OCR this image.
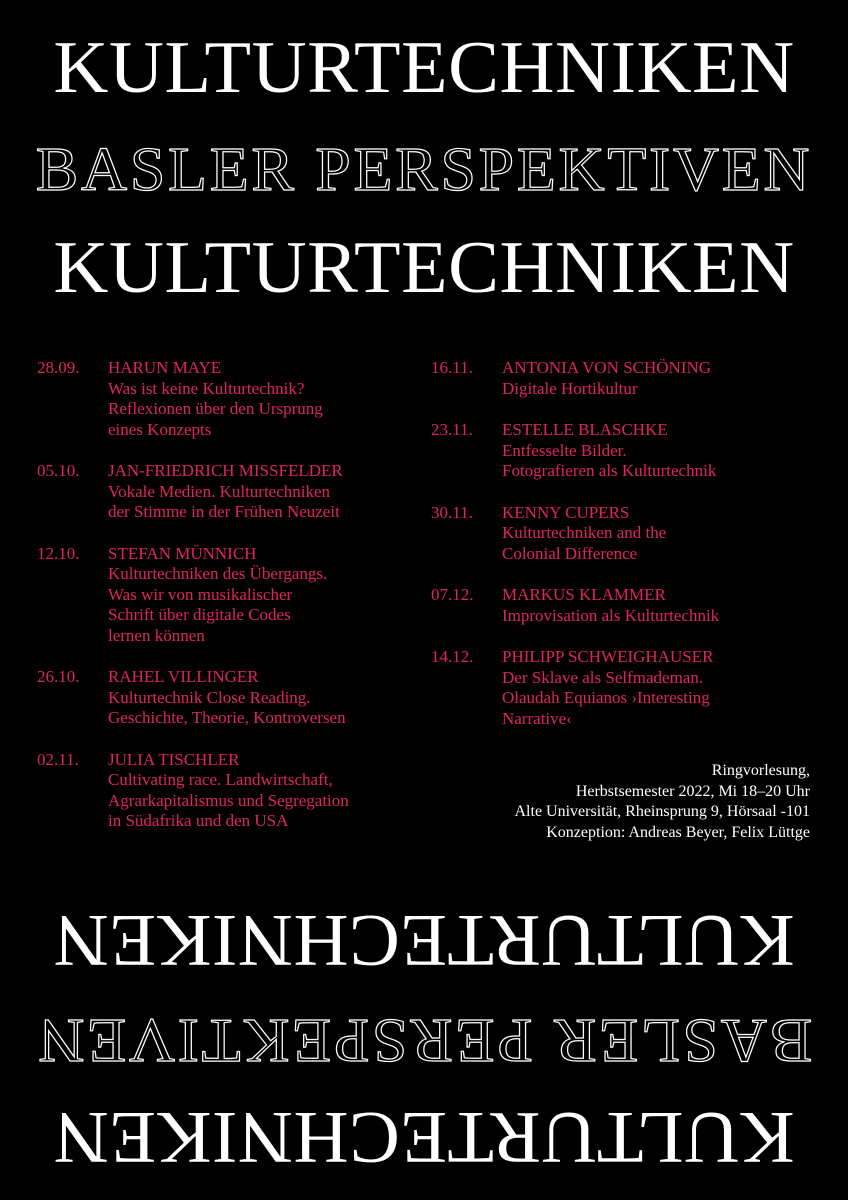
KULTURTECHNIKEN
BASLER PERSPEKTIVEN
KULTURTECHNIKEN
28.09. HARUN MAYE
Was ist keine Kulturtechnik?
Reflexionen über den Ursprung
eines Konzepts
05.10. JAN-FRIEDRICH MISSFELDER
Vokale Medien. Kulturtechniken
der Stimme in der Frühen Neuzeit
12.10. STEFAN MÜNNICH
Kulturtechniken des Übergangs.
Was wir von musikalischer
Schrift über digitale Codes
lernen können
26.10. RAHEL VILLINGER
Kulturtechnik Close Reading.
Geschichte, Theorie, Kontroversen
02.11. JULIA TISCHLER
Cultivating race. Landwirtschaft,
Agrarkapitalismus und Segregation
in Südafrika und den USA
16.11. ANTONIA VON SCHÖNING
Digitale Hortikultur
23.11. ESTELLE BLASCHKE
Entfesselte Bilder.
Fotografieren als Kulturtechnik
30.11. KENNY CUPERS
Kulturtechniken and the
Colonial Difference
07.12. MARKUS KLAMMER
Improvisation als Kulturtechnik
14.12. PHILIPP SCHWEIGHAUSER
Der Sklave als Selfmademan.
Olaudah Equianos ›Interesting
Narrative‹
Ringvorlesung,
Herbstsemester 2022, Mi 18–20 Uhr
Alte Universität, Rheinsprung 9, Hörsaal -101
Konzeption: Andreas Beyer, Felix Lüttge
KULTURTECHNIKEN
BASLER PERSPEKTIVEN
KULTURTECHNIKEN
